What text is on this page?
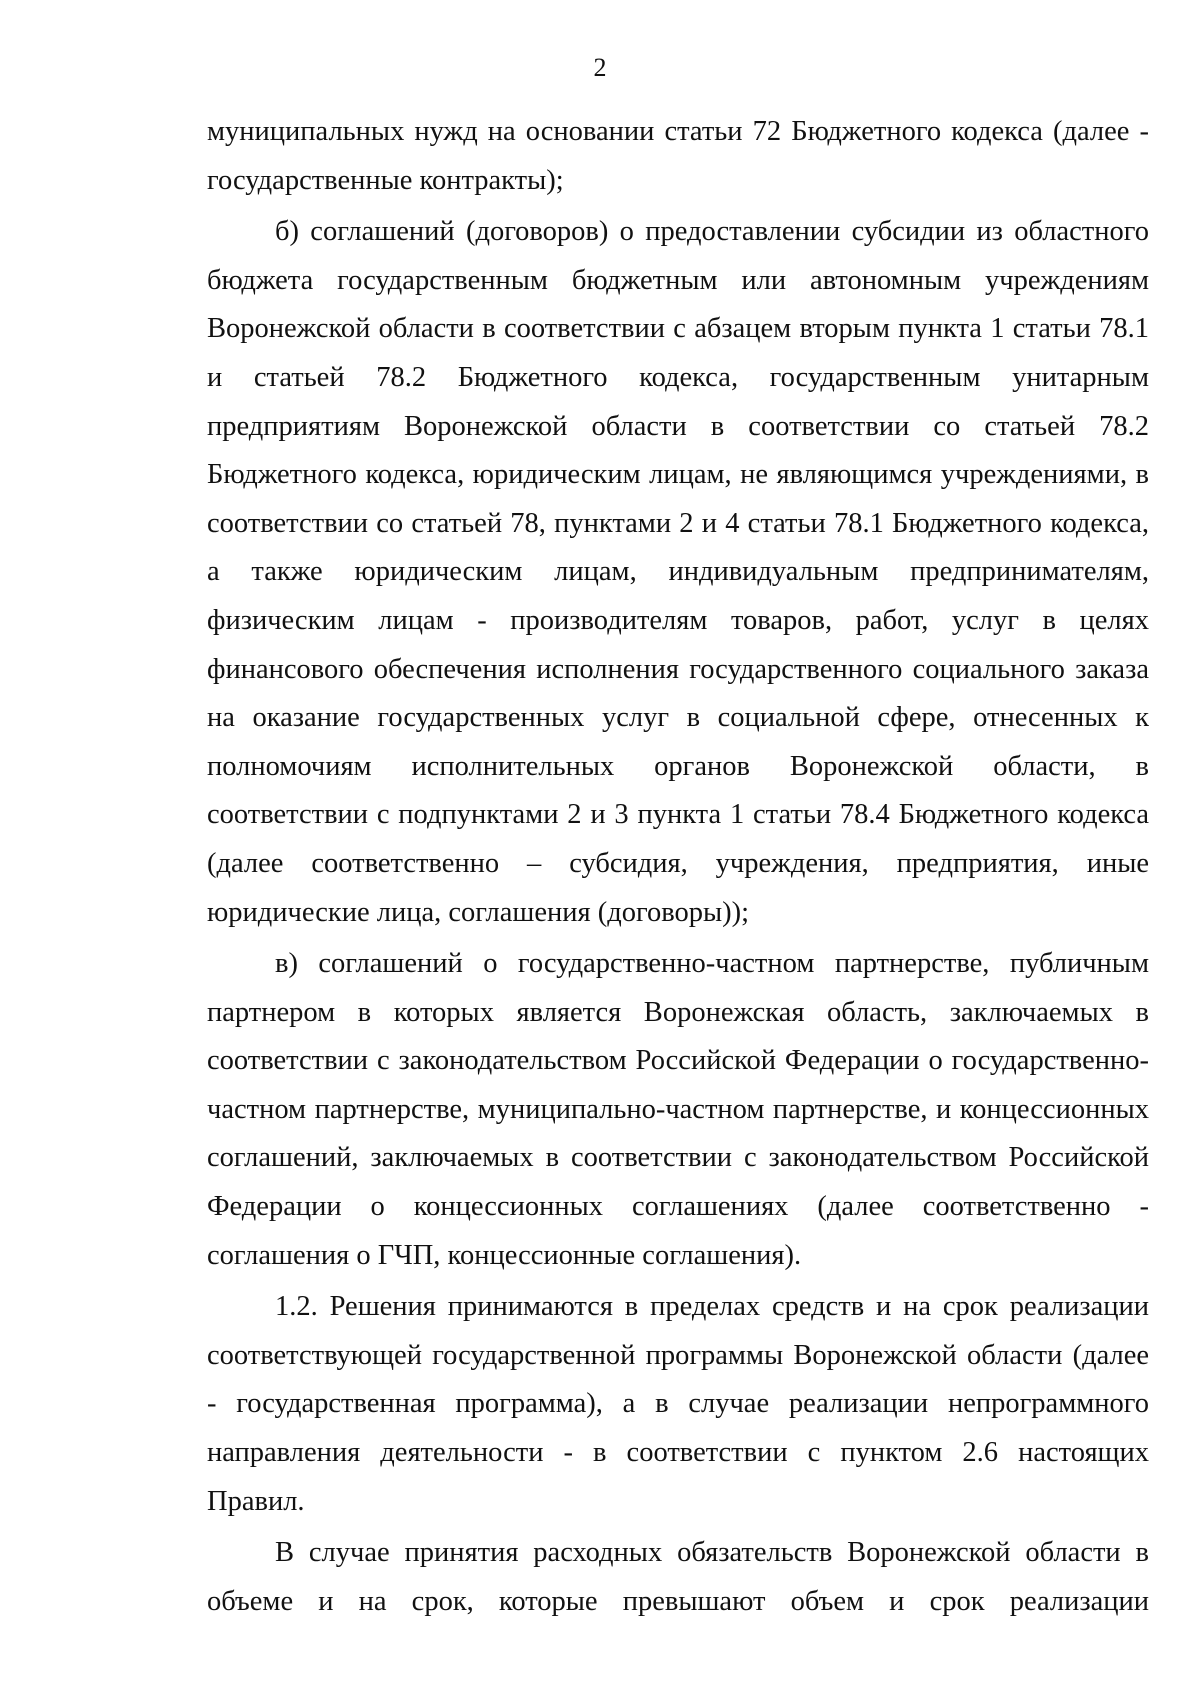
2

муниципальных нужд на основании статьи 72 Бюджетного кодекса (далее - государственные контракты);

б) соглашений (договоров) о предоставлении субсидии из областного бюджета государственным бюджетным или автономным учреждениям Воронежской области в соответствии с абзацем вторым пункта 1 статьи 78.1 и статьей 78.2 Бюджетного кодекса, государственным унитарным предприятиям Воронежской области в соответствии со статьей 78.2 Бюджетного кодекса, юридическим лицам, не являющимся учреждениями, в соответствии со статьей 78, пунктами 2 и 4 статьи 78.1 Бюджетного кодекса, а также юридическим лицам, индивидуальным предпринимателям, физическим лицам - производителям товаров, работ, услуг в целях финансового обеспечения исполнения государственного социального заказа на оказание государственных услуг в социальной сфере, отнесенных к полномочиям исполнительных органов Воронежской области, в соответствии с подпунктами 2 и 3 пункта 1 статьи 78.4 Бюджетного кодекса (далее соответственно – субсидия, учреждения, предприятия, иные юридические лица, соглашения (договоры));

в) соглашений о государственно-частном партнерстве, публичным партнером в которых является Воронежская область, заключаемых в соответствии с законодательством Российской Федерации о государственно-частном партнерстве, муниципально-частном партнерстве, и концессионных соглашений, заключаемых в соответствии с законодательством Российской Федерации о концессионных соглашениях (далее соответственно - соглашения о ГЧП, концессионные соглашения).

1.2. Решения принимаются в пределах средств и на срок реализации соответствующей государственной программы Воронежской области (далее - государственная программа), а в случае реализации непрограммного направления деятельности - в соответствии с пунктом 2.6 настоящих Правил.

В случае принятия расходных обязательств Воронежской области в объеме и на срок, которые превышают объем и срок реализации
